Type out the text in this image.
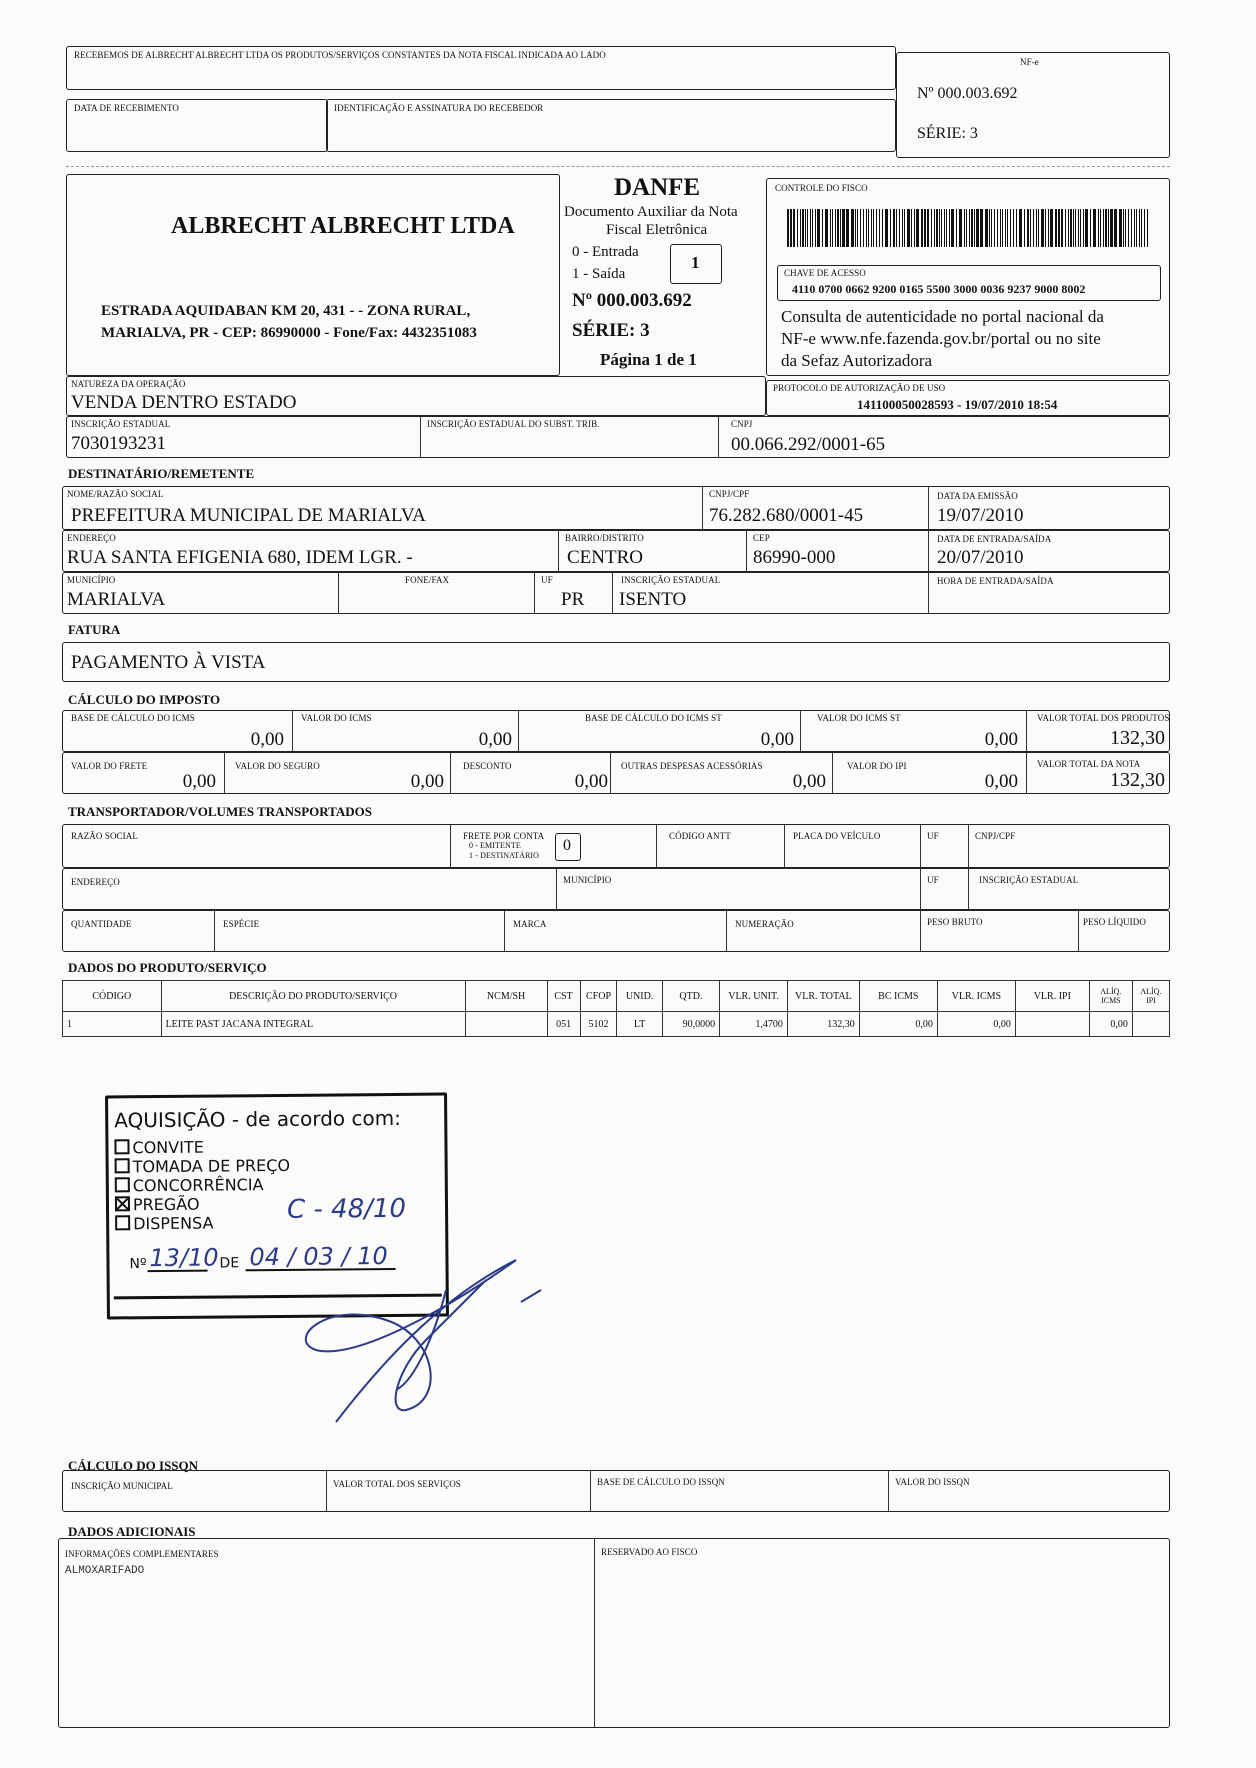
RECEBEMOS DE ALBRECHT ALBRECHT LTDA OS PRODUTOS/SERVIÇOS CONSTANTES DA NOTA FISCAL INDICADA AO LADO
DATA DE RECEBIMENTO	IDENTIFICAÇÃO E ASSINATURA DO RECEBEDOR
NF-e
Nº 000.003.692
SÉRIE: 3
ALBRECHT ALBRECHT LTDA
ESTRADA AQUIDABAN KM 20, 431 - - ZONA RURAL,
MARIALVA, PR - CEP: 86990000 - Fone/Fax: 4432351083
DANFE
Documento Auxiliar da Nota
Fiscal Eletrônica
0 - Entrada
1 - Saída
1
Nº 000.003.692
SÉRIE: 3
Página 1 de 1
CONTROLE DO FISCO
CHAVE DE ACESSO
4110 0700 0662 9200 0165 5500 3000 0036 9237 9000 8002
Consulta de autenticidade no portal nacional da
NF-e www.nfe.fazenda.gov.br/portal ou no site
da Sefaz Autorizadora
NATUREZA DA OPERAÇÃO
VENDA DENTRO ESTADO
PROTOCOLO DE AUTORIZAÇÃO DE USO
141100050028593 - 19/07/2010 18:54
INSCRIÇÃO ESTADUAL
7030193231
INSCRIÇÃO ESTADUAL DO SUBST. TRIB.	CNPJ
00.066.292/0001-65
DESTINATÁRIO/REMETENTE
NOME/RAZÃO SOCIAL
PREFEITURA MUNICIPAL DE MARIALVA
CNPJ/CPF
76.282.680/0001-45
DATA DA EMISSÃO
19/07/2010
ENDEREÇO
RUA SANTA EFIGENIA 680, IDEM LGR. -
BAIRRO/DISTRITO
CENTRO
CEP
86990-000
DATA DE ENTRADA/SAÍDA
20/07/2010
MUNICÍPIO
MARIALVA
FONE/FAX	UF
PR
INSCRIÇÃO ESTADUAL
ISENTO
HORA DE ENTRADA/SAÍDA
FATURA
PAGAMENTO À VISTA
CÁLCULO DO IMPOSTO
BASE DE CÁLCULO DO ICMS
0,00
VALOR DO ICMS
0,00
BASE DE CÁLCULO DO ICMS ST
0,00
VALOR DO ICMS ST
0,00
VALOR TOTAL DOS PRODUTOS
132,30
VALOR DO FRETE
0,00
VALOR DO SEGURO
0,00
DESCONTO
0,00
OUTRAS DESPESAS ACESSÓRIAS
0,00
VALOR DO IPI
0,00
VALOR TOTAL DA NOTA
132,30
TRANSPORTADOR/VOLUMES TRANSPORTADOS
RAZÃO SOCIAL	FRETE POR CONTA
0 - EMITENTE
1 - DESTINATÁRIO
0
CÓDIGO ANTT	PLACA DO VEÍCULO	UF	CNPJ/CPF
ENDEREÇO	MUNICÍPIO	UF	INSCRIÇÃO ESTADUAL
QUANTIDADE	ESPÉCIE	MARCA	NUMERAÇÃO	PESO BRUTO	PESO LÍQUIDO
DADOS DO PRODUTO/SERVIÇO
CÓDIGO	DESCRIÇÃO DO PRODUTO/SERVIÇO	NCM/SH	CST	CFOP	UNID.	QTD.	VLR. UNIT.	VLR. TOTAL	BC ICMS	VLR. ICMS	VLR. IPI	ALÍQ. ICMS	ALÍQ. IPI
1	LEITE PAST JACANA INTEGRAL		051	5102	LT	90,0000	1,4700	132,30	0,00	0,00		0,00	
AQUISIÇÃO - de acordo com:
CONVITE
TOMADA DE PREÇO
CONCORRÊNCIA
PREGÃO
DISPENSA	C - 48/10
Nº 13/10 DE 04 / 03 / 10
CÁLCULO DO ISSQN
INSCRIÇÃO MUNICIPAL	VALOR TOTAL DOS SERVIÇOS	BASE DE CÁLCULO DO ISSQN	VALOR DO ISSQN
DADOS ADICIONAIS
INFORMAÇÕES COMPLEMENTARES
ALMOXARIFADO
RESERVADO AO FISCO
